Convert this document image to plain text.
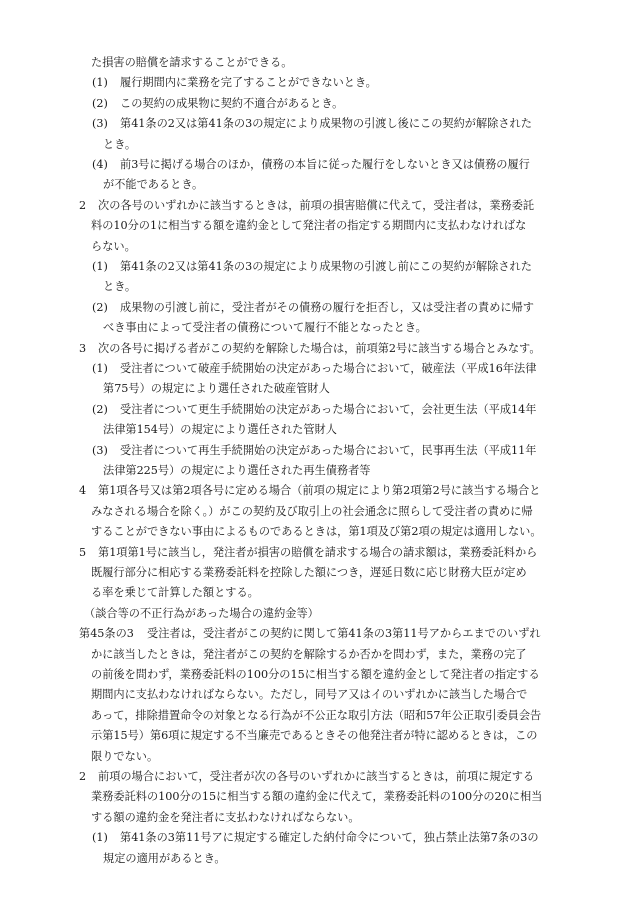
た損害の賠償を請求することができる。
(1) 履行期間内に業務を完了することができないとき。
(2) この契約の成果物に契約不適合があるとき。
(3) 第41条の2又は第41条の3の規定により成果物の引渡し後にこの契約が解除された
とき。
(4) 前3号に掲げる場合のほか，債務の本旨に従った履行をしないとき又は債務の履行
が不能であるとき。
2 次の各号のいずれかに該当するときは，前項の損害賠償に代えて，受注者は，業務委託
料の10分の1に相当する額を違約金として発注者の指定する期間内に支払わなければな
らない。
(1) 第41条の2又は第41条の3の規定により成果物の引渡し前にこの契約が解除された
とき。
(2) 成果物の引渡し前に，受注者がその債務の履行を拒否し，又は受注者の責めに帰す
べき事由によって受注者の債務について履行不能となったとき。
3 次の各号に掲げる者がこの契約を解除した場合は，前項第2号に該当する場合とみなす。
(1) 受注者について破産手続開始の決定があった場合において，破産法（平成16年法律
第75号）の規定により選任された破産管財人
(2) 受注者について更生手続開始の決定があった場合において，会社更生法（平成14年
法律第154号）の規定により選任された管財人
(3) 受注者について再生手続開始の決定があった場合において，民事再生法（平成11年
法律第225号）の規定により選任された再生債務者等
4 第1項各号又は第2項各号に定める場合（前項の規定により第2項第2号に該当する場合と
みなされる場合を除く。）がこの契約及び取引上の社会通念に照らして受注者の責めに帰
することができない事由によるものであるときは，第1項及び第2項の規定は適用しない。
5 第1項第1号に該当し，発注者が損害の賠償を請求する場合の請求額は，業務委託料から
既履行部分に相応する業務委託料を控除した額につき，遅延日数に応じ財務大臣が定め
る率を乗じて計算した額とする。
（談合等の不正行為があった場合の違約金等）
第45条の3 受注者は，受注者がこの契約に関して第41条の3第11号アからエまでのいずれ
かに該当したときは，発注者がこの契約を解除するか否かを問わず，また，業務の完了
の前後を問わず，業務委託料の100分の15に相当する額を違約金として発注者の指定する
期間内に支払わなければならない。ただし，同号ア又はイのいずれかに該当した場合で
あって，排除措置命令の対象となる行為が不公正な取引方法（昭和57年公正取引委員会告
示第15号）第6項に規定する不当廉売であるときその他発注者が特に認めるときは，この
限りでない。
2 前項の場合において，受注者が次の各号のいずれかに該当するときは，前項に規定する
業務委託料の100分の15に相当する額の違約金に代えて，業務委託料の100分の20に相当
する額の違約金を発注者に支払わなければならない。
(1) 第41条の3第11号アに規定する確定した納付命令について，独占禁止法第7条の3の
規定の適用があるとき。
